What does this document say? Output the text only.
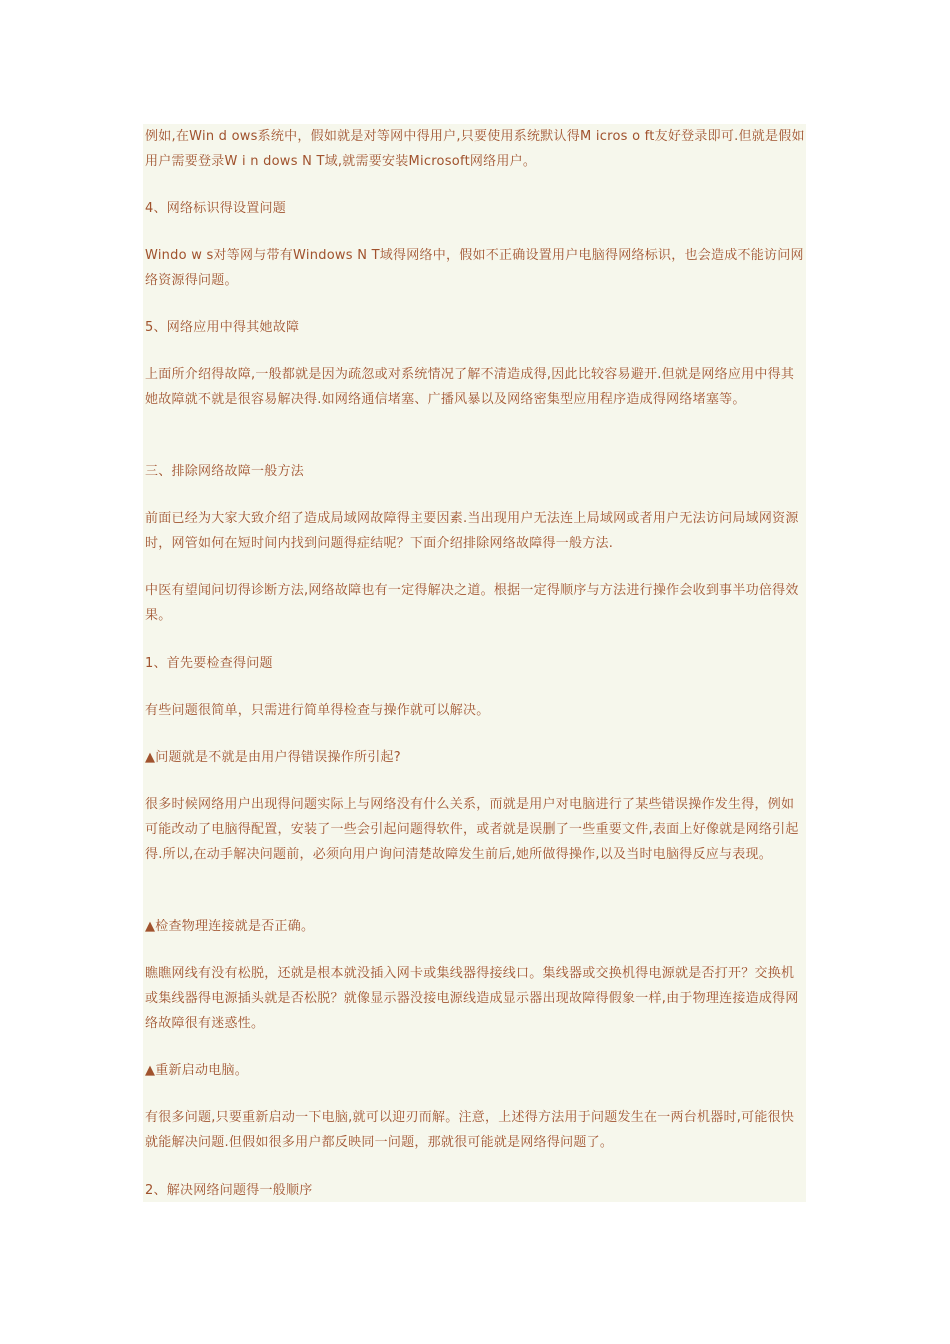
例如,在Win d ows系统中，假如就是对等网中得用户,只要使用系统默认得M icros o ft友好登录即可.但就是假如用户需要登录W i n dows N T域,就需要安装Microsoft网络用户。

4、网络标识得设置问题

Windo w s对等网与带有Windows N T域得网络中，假如不正确设置用户电脑得网络标识，也会造成不能访问网络资源得问题。

5、网络应用中得其她故障

上面所介绍得故障,一般都就是因为疏忽或对系统情况了解不清造成得,因此比较容易避开.但就是网络应用中得其她故障就不就是很容易解决得.如网络通信堵塞、广播风暴以及网络密集型应用程序造成得网络堵塞等。

三、排除网络故障一般方法

前面已经为大家大致介绍了造成局域网故障得主要因素.当出现用户无法连上局域网或者用户无法访问局域网资源时，网管如何在短时间内找到问题得症结呢？下面介绍排除网络故障得一般方法.

中医有望闻问切得诊断方法,网络故障也有一定得解决之道。根据一定得顺序与方法进行操作会收到事半功倍得效果。

1、首先要检查得问题

有些问题很简单，只需进行简单得检查与操作就可以解决。

▲问题就是不就是由用户得错误操作所引起?

很多时候网络用户出现得问题实际上与网络没有什么关系，而就是用户对电脑进行了某些错误操作发生得，例如可能改动了电脑得配置，安装了一些会引起问题得软件，或者就是误删了一些重要文件,表面上好像就是网络引起得.所以,在动手解决问题前，必须向用户询问清楚故障发生前后,她所做得操作,以及当时电脑得反应与表现。

▲检查物理连接就是否正确。

瞧瞧网线有没有松脱，还就是根本就没插入网卡或集线器得接线口。集线器或交换机得电源就是否打开？交换机或集线器得电源插头就是否松脱？就像显示器没接电源线造成显示器出现故障得假象一样,由于物理连接造成得网络故障很有迷惑性。

▲重新启动电脑。

有很多问题,只要重新启动一下电脑,就可以迎刃而解。注意，上述得方法用于问题发生在一两台机器时,可能很快就能解决问题.但假如很多用户都反映同一问题，那就很可能就是网络得问题了。

2、解决网络问题得一般顺序
